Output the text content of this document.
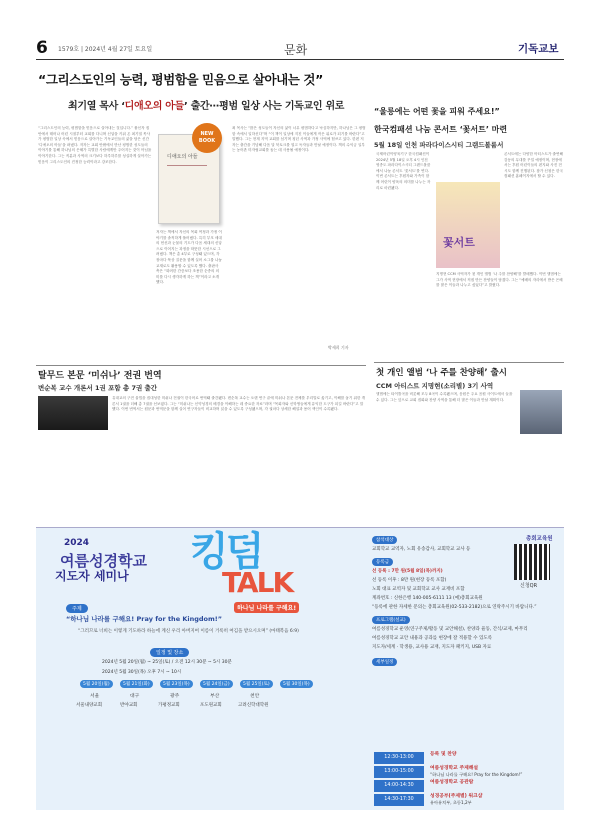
6 1579호 | 2024년 4월 27일 토요일	문화	기독교보
“그리스도인의 능력, 평범함을 믿음으로 살아내는 것”
최기열 목사 ‘디애오의 아들’ 출간⋯평범 일상 사는 기독교인 위로
“그리스도인의 능력, 평범함을 믿음으로 살아내는 것입니다.” 불신자 집안에서 태어나 어린 시절부터 교회를 다니며 신앙을 키워 온 최기열 목사가 평범한 일상 속에서 믿음으로 살아가는 기독교인들의 삶을 담은 신간 ‘디애오의 아들’을 펴냈다. 저자는 교회 안팎에서 만난 평범한 성도들의 이야기를 통해 하나님의 은혜가 특별한 사람에게만 주어지는 것이 아님을 이야기한다. 그는 직분과 사역의 크기보다 하루하루를 성실하게 살아가는 믿음이 그리스도인의 진정한 능력이라고 강조한다.
디애오의 아들
NEW BOOK
저자는 책에서 자신의 목회 여정과 가정 이야기를 솔직하게 풀어냈다. 특히 부모 세대의 헌신과 눈물의 기도가 다음 세대의 신앙으로 이어지는 과정을 따뜻한 시선으로 그려냈다. 책은 총 4부로 구성돼 있으며, 각 장마다 묵상 질문을 함께 실어 소그룹 나눔 교재로도 활용할 수 있도록 했다. 출판사 측은 “화려한 간증보다 조용한 순종의 의미를 다시 생각하게 하는 책”이라고 소개했다.
최 목사는 “많은 성도들이 자신의 삶이 너무 평범하다고 낙심하지만, 하나님은 그 평범함 속에서 일하신다”며 “이 책이 일상에 지친 이들에게 작은 위로가 되기를 바란다”고 말했다. 그는 현재 지역 교회를 섬기며 청년 사역과 가정 사역에 힘쓰고 있다. 한편 저자는 출간을 기념해 다음 달 북토크를 열고 독자들과 만날 예정이다. 책의 수익금 일부는 농어촌 미자립교회를 돕는 데 사용될 예정이다.
박세희 기자
“울릉에는 어떤 꽃을 피워 주세요!”
한국컴패션 나눔 콘서트 ‘꽃서트’ 마련
5월 18일 인천 파라다이스시티 그랜드볼룸서
국제어린이양육기구 한국컴패션이 2024년 5월 18일 오후 4시 인천 영종도 파라다이스시티 그랜드볼룸에서 나눔 콘서트 ‘꽃서트’를 연다. 이번 콘서트는 후원자와 가족이 함께 어린이 양육의 의미를 나누는 자리로 마련됐다.
꽃서트
콘서트에는 다양한 아티스트가 출연해 감동의 무대를 꾸밀 예정이며, 현장에서는 후원 어린이들의 편지와 사진 전시도 함께 진행된다. 참가 신청은 한국컴패션 홈페이지에서 할 수 있다.
지명현 CCM 사역자가 첫 개인 앨범 ‘나 주를 찬양해’를 발매했다. 이번 앨범에는 그가 사역 현장에서 직접 만든 찬양들이 담겼다. 그는 “예배의 자리에서 받은 은혜를 많은 이들과 나누고 싶었다”고 밝혔다.
첫 개인 앨범 ‘나 주를 찬양해’ 출시
CCM 아티스트 지명현(소리별) 3기 사역
앨범에는 타이틀곡을 비롯해 모두 8곡이 수록됐으며, 음원은 주요 음원 사이트에서 들을 수 있다. 그는 앞으로 교회 집회와 찬양 사역을 통해 더 많은 이들과 만날 계획이다.
탈무드 본문 ‘미쉬나’ 전권 번역
변순복 교수 개론서 1권 포함 총 7권 출간
유대교의 구전 율법을 집대성한 미쉬나 전권이 한국어로 번역돼 출간됐다. 변순복 교수는 오랜 연구 끝에 미쉬나 본문 전체를 우리말로 옮기고, 이해를 돕기 위한 개론서 1권을 더해 총 7권을 선보였다. 그는 “미쉬나는 신약성경의 배경을 이해하는 데 중요한 자료”라며 “목회자와 신학생들에게 유익한 도구가 되길 바란다”고 말했다. 이번 번역서는 원문과 번역문을 함께 실어 연구자들이 비교하며 읽을 수 있도록 구성됐으며, 각 권마다 상세한 해설과 용어 색인이 수록됐다.
2024
여름성경학교
지도자 세미나
킹덤
TALK
하나님 나라를 구해요!
총회교육원
주제
“하나님 나라를 구해요! Pray for the Kingdom!”
“그러므로 너희는 이렇게 기도하라 하늘에 계신 우리 아버지여 이름이 거룩히 여김을 받으시오며” (마태복음 6:9)
일정 및 장소
2024년 5월 20일(월) ~ 25일(토) / 오전 12시 30분 ~ 5시 30분
2024년 5월 30일(목) 오후 7시 ~ 10시
5월 20일(월)	5월 21일(화)	5월 23일(목)	5월 24일(금)	5월 25일(토)	5월 30일(목)
서울	대구	광주	부산	천안
서울내양교회	반야교회	가평정교회	포도원교회	고려신학대학원
참석대상
교회학교 교역자, 노회 유송감사, 교회학교 교사 등
등록금
선 등록 : 7만 원(5월 8일(목)까지)
선 등록 이후 : 8만 원(현장 등록 포함)
노회 대표 교역자 및 교회학교 교사 교재비 포함
계좌번호 : 신한은행 140-005-6111 13 (예)총회교육원
“등록에 관한 자세한 문의는 총회교육원(02-533-2182)으로 연락주시기 바랍니다.”
프로그램(설교)
여름성경학교 운영(연구주제/활동 및 교안해설), 찬양과 율동, 간식/교제, 마무리
여름성경학교 교안 내용과 공과를 현장에 잘 적용할 수 있도록
지도자/세계 · 학생용, 교사용 교재, 지도자 패키지, USB 자료
세부일정
신청QR
12:30-13:00
등록 및 찬양
13:00-15:00
여름성경학교 주제해설
“하나님 나라를 구해요! Pray for the Kingdom!”
14:00-14:30
여름성경학교 공관람
14:30-17:30
성경공부(주제별) 워크샵
유아유치부, 초등1,2부
